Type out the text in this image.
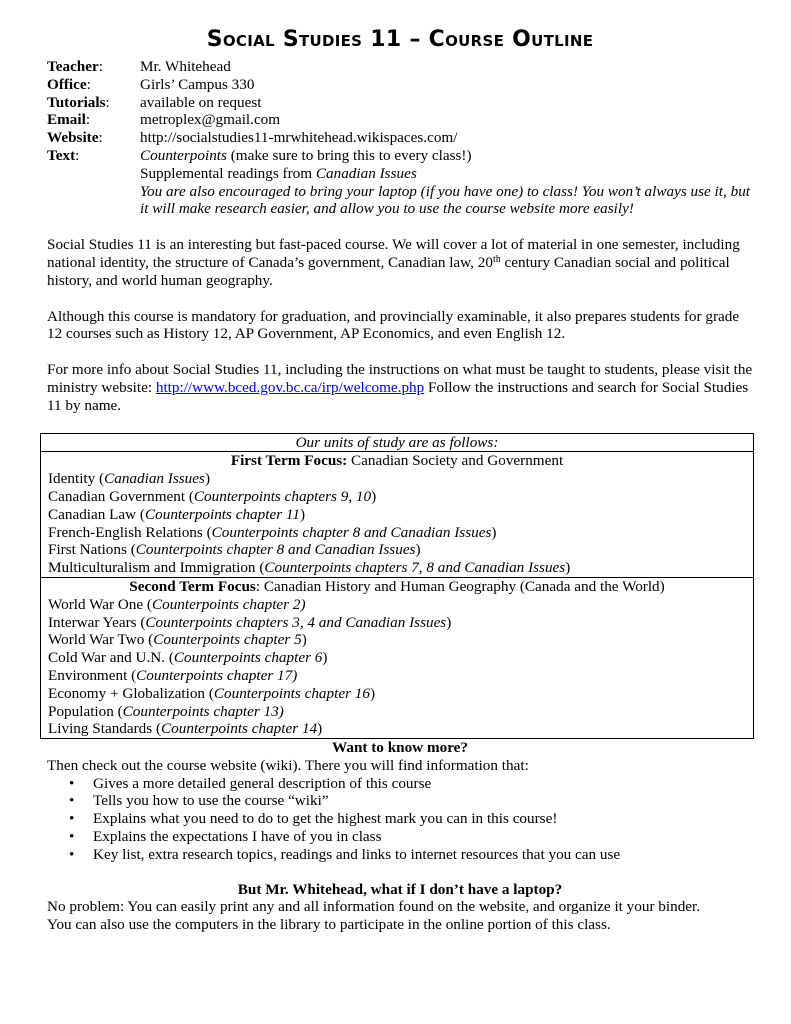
Social Studies 11 – Course Outline
Teacher:	Mr. Whitehead
Office:	Girls’ Campus 330
Tutorials:	available on request
Email:	metroplex@gmail.com
Website:	http://socialstudies11-mrwhitehead.wikispaces.com/
Text:	Counterpoints (make sure to bring this to every class!)
Supplemental readings from Canadian Issues
You are also encouraged to bring your laptop (if you have one) to class! You won’t always use it, but it will make research easier, and allow you to use the course website more easily!

Social Studies 11 is an interesting but fast-paced course. We will cover a lot of material in one semester, including national identity, the structure of Canada’s government, Canadian law, 20th century Canadian social and political history, and world human geography.

Although this course is mandatory for graduation, and provincially examinable, it also prepares students for grade 12 courses such as History 12, AP Government, AP Economics, and even English 12.

For more info about Social Studies 11, including the instructions on what must be taught to students, please visit the ministry website: http://www.bced.gov.bc.ca/irp/welcome.php Follow the instructions and search for Social Studies 11 by name.

Our units of study are as follows:
First Term Focus: Canadian Society and Government
Identity (Canadian Issues)
Canadian Government (Counterpoints chapters 9, 10)
Canadian Law (Counterpoints chapter 11)
French-English Relations (Counterpoints chapter 8 and Canadian Issues)
First Nations (Counterpoints chapter 8 and Canadian Issues)
Multiculturalism and Immigration (Counterpoints chapters 7, 8 and Canadian Issues)
Second Term Focus: Canadian History and Human Geography (Canada and the World)
World War One (Counterpoints chapter 2)
Interwar Years (Counterpoints chapters 3, 4 and Canadian Issues)
World War Two (Counterpoints chapter 5)
Cold War and U.N. (Counterpoints chapter 6)
Environment (Counterpoints chapter 17)
Economy + Globalization (Counterpoints chapter 16)
Population (Counterpoints chapter 13)
Living Standards (Counterpoints chapter 14)
Want to know more?
Then check out the course website (wiki). There you will find information that:
• Gives a more detailed general description of this course
• Tells you how to use the course “wiki”
• Explains what you need to do to get the highest mark you can in this course!
• Explains the expectations I have of you in class
• Key list, extra research topics, readings and links to internet resources that you can use
But Mr. Whitehead, what if I don’t have a laptop?
No problem: You can easily print any and all information found on the website, and organize it your binder.
You can also use the computers in the library to participate in the online portion of this class.
